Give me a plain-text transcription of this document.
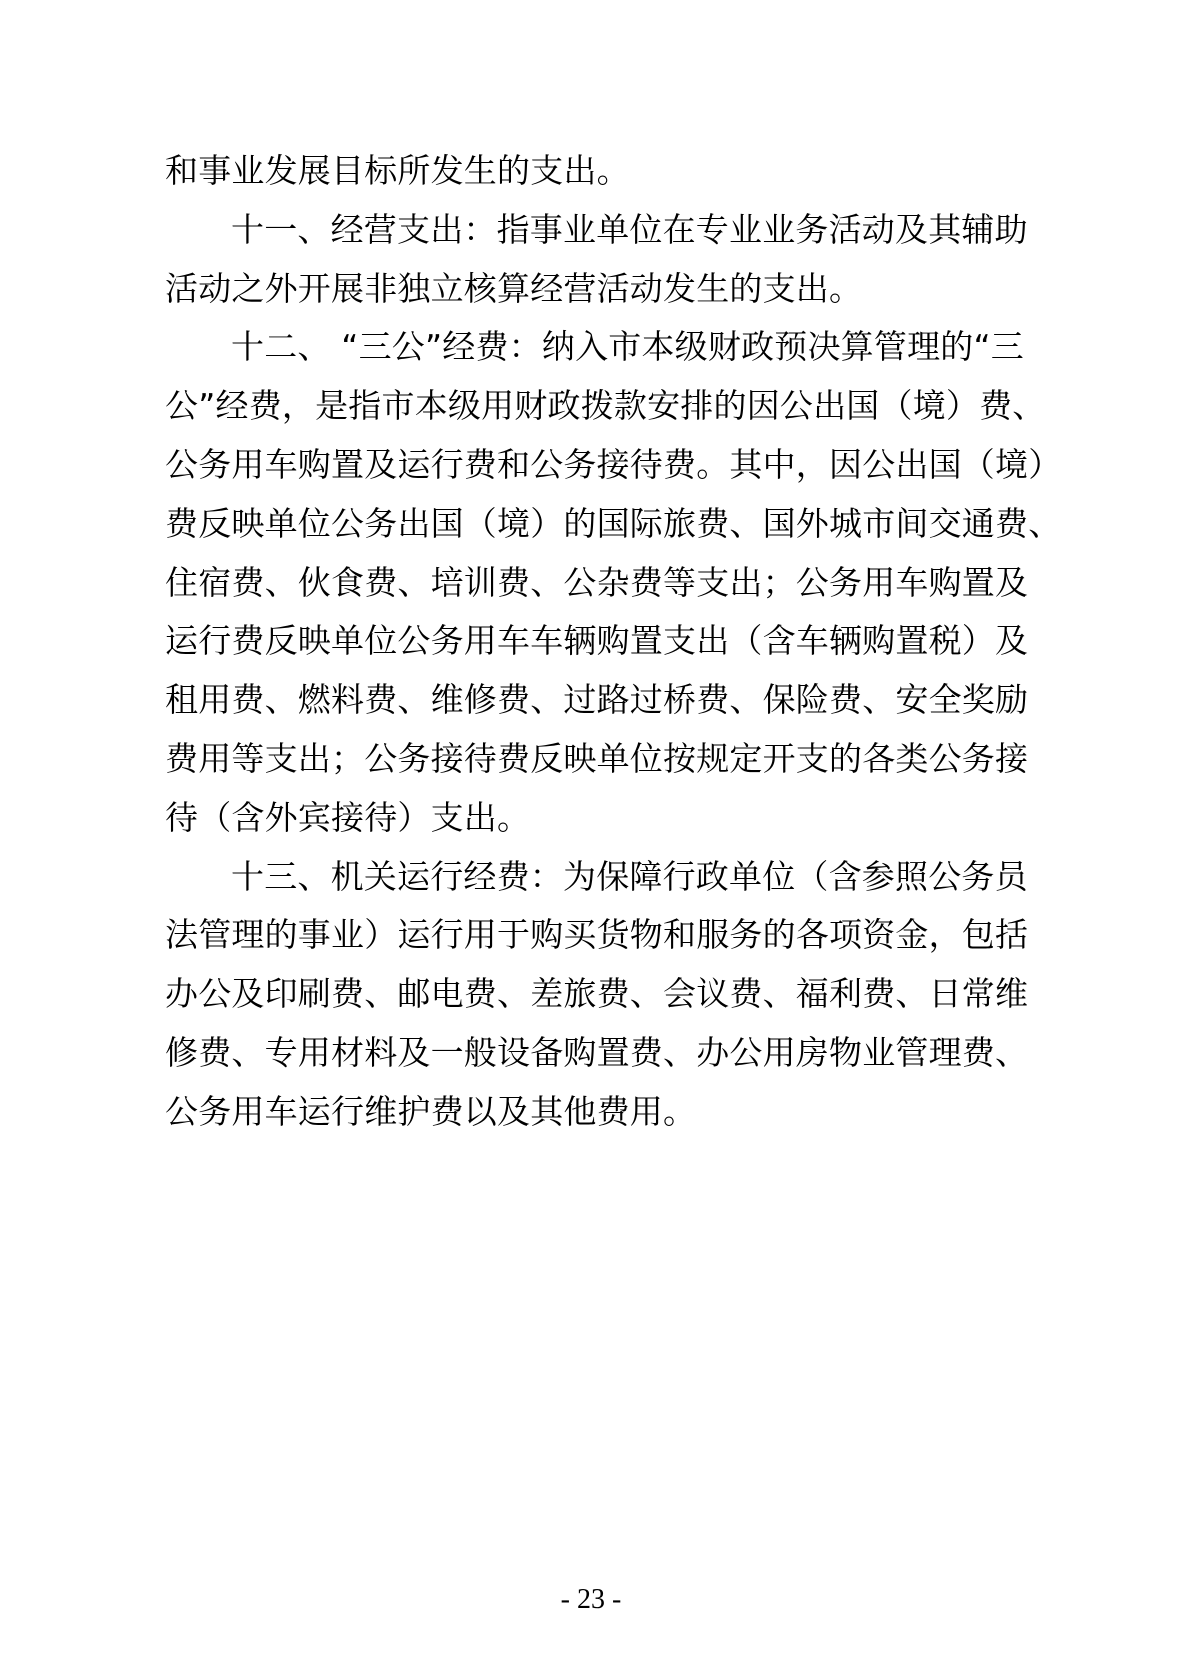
和事业发展目标所发生的支出。
十一、经营支出：指事业单位在专业业务活动及其辅助
活动之外开展非独立核算经营活动发生的支出。
十二、 “三公”经费：纳入市本级财政预决算管理的“三
公”经费，是指市本级用财政拨款安排的因公出国（境）费、
公务用车购置及运行费和公务接待费。其中，因公出国（境）
费反映单位公务出国（境）的国际旅费、国外城市间交通费、
住宿费、伙食费、培训费、公杂费等支出；公务用车购置及
运行费反映单位公务用车车辆购置支出（含车辆购置税）及
租用费、燃料费、维修费、过路过桥费、保险费、安全奖励
费用等支出；公务接待费反映单位按规定开支的各类公务接
待（含外宾接待）支出。
十三、机关运行经费：为保障行政单位（含参照公务员
法管理的事业）运行用于购买货物和服务的各项资金，包括
办公及印刷费、邮电费、差旅费、会议费、福利费、日常维
修费、专用材料及一般设备购置费、办公用房物业管理费、
公务用车运行维护费以及其他费用。
- 23 -
